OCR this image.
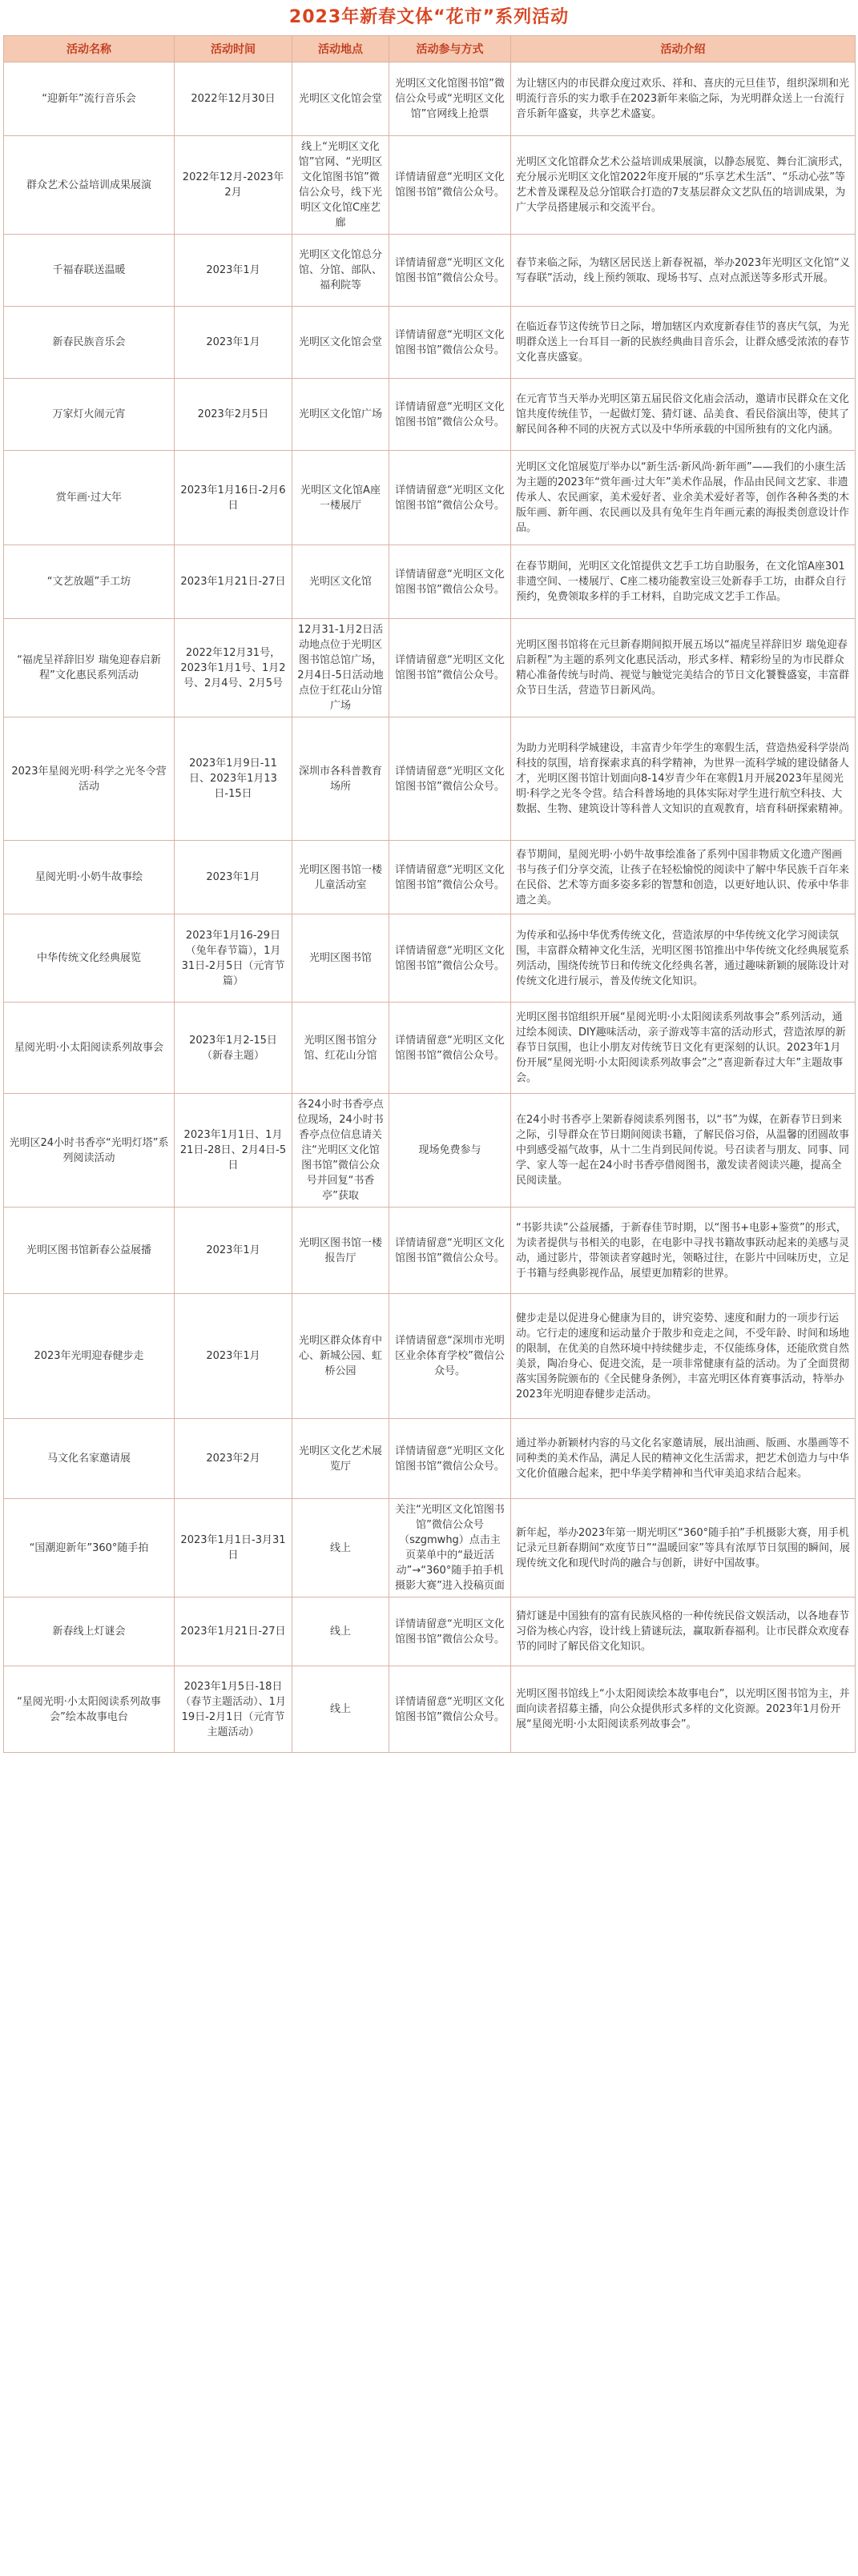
2023年新春文体“花市”系列活动
活动名称	活动时间	活动地点	活动参与方式	活动介绍
“迎新年”流行音乐会	2022年12月30日	光明区文化馆会堂	光明区文化馆图书馆”微信公众号或“光明区文化馆”官网线上抢票	为让辖区内的市民群众度过欢乐、祥和、喜庆的元旦佳节，组织深圳和光明流行音乐的实力歌手在2023新年来临之际，为光明群众送上一台流行音乐新年盛宴，共享艺术盛宴。
群众艺术公益培训成果展演	2022年12月-2023年2月	线上“光明区文化馆”官网、“光明区文化馆图书馆”微信公众号，线下光明区文化馆C座艺廊	详情请留意“光明区文化馆图书馆”微信公众号。	光明区文化馆群众艺术公益培训成果展演，以静态展览、舞台汇演形式，充分展示光明区文化馆2022年度开展的“乐享艺术生活”、“乐动心弦”等艺术普及课程及总分馆联合打造的7支基层群众文艺队伍的培训成果，为广大学员搭建展示和交流平台。
千福春联送温暖	2023年1月	光明区文化馆总分馆、分馆、部队、福利院等	详情请留意“光明区文化馆图书馆”微信公众号。	春节来临之际，为辖区居民送上新春祝福，举办2023年光明区文化馆“义写春联”活动，线上预约领取、现场书写、点对点派送等多形式开展。
新春民族音乐会	2023年1月	光明区文化馆会堂	详情请留意“光明区文化馆图书馆”微信公众号。	在临近春节这传统节日之际，增加辖区内欢度新春佳节的喜庆气氛，为光明群众送上一台耳目一新的民族经典曲目音乐会，让群众感受浓浓的春节文化喜庆盛宴。
万家灯火闹元宵	2023年2月5日	光明区文化馆广场	详情请留意“光明区文化馆图书馆”微信公众号。	在元宵节当天举办光明区第五届民俗文化庙会活动，邀请市民群众在文化馆共度传统佳节，一起做灯笼、猜灯谜、品美食、看民俗演出等，使其了解民间各种不同的庆祝方式以及中华所承载的中国所独有的文化内涵。
赏年画·过大年	2023年1月16日-2月6日	光明区文化馆A座一楼展厅	详情请留意“光明区文化馆图书馆”微信公众号。	光明区文化馆展览厅举办以“新生活·新风尚·新年画”——我们的小康生活为主题的2023年“赏年画·过大年”美术作品展，作品由民间文艺家、非遗传承人、农民画家，美术爱好者、业余美术爱好者等，创作各种各类的木版年画、新年画、农民画以及具有兔年生肖年画元素的海报类创意设计作品。
“文艺放题”手工坊	2023年1月21日-27日	光明区文化馆	详情请留意“光明区文化馆图书馆”微信公众号。	在春节期间，光明区文化馆提供文艺手工坊自助服务，在文化馆A座301非遗空间、一楼展厅、C座二楼功能教室设三处新春手工坊，由群众自行预约，免费领取多样的手工材料，自助完成文艺手工作品。
“福虎呈祥辞旧岁 瑞兔迎春启新程”文化惠民系列活动	2022年12月31号，2023年1月1号、1月2号、2月4号、2月5号	12月31-1月2日活动地点位于光明区图书馆总馆广场，2月4日-5日活动地点位于红花山分馆广场	详情请留意“光明区文化馆图书馆”微信公众号。	光明区图书馆将在元旦新春期间拟开展五场以“福虎呈祥辞旧岁 瑞兔迎春启新程”为主题的系列文化惠民活动，形式多样、精彩纷呈的为市民群众精心准备传统与时尚、视觉与触觉完美结合的节日文化饕餮盛宴，丰富群众节日生活，营造节日新风尚。
2023年星阅光明·科学之光冬令营活动	2023年1月9日-11日、2023年1月13日-15日	深圳市各科普教育场所	详情请留意“光明区文化馆图书馆”微信公众号。	为助力光明科学城建设，丰富青少年学生的寒假生活，营造热爱科学崇尚科技的氛围，培育探索求真的科学精神，为世界一流科学城的建设储备人才，光明区图书馆计划面向8-14岁青少年在寒假1月开展2023年星阅光明·科学之光冬令营。结合科普场地的具体实际对学生进行航空科技、大数据、生物、建筑设计等科普人文知识的直观教育，培育科研探索精神。
星阅光明·小奶牛故事绘	2023年1月	光明区图书馆一楼儿童活动室	详情请留意“光明区文化馆图书馆”微信公众号。	春节期间，星阅光明·小奶牛故事绘准备了系列中国非物质文化遗产图画书与孩子们分享交流，让孩子在轻松愉悦的阅读中了解中华民族千百年来在民俗、艺术等方面多姿多彩的智慧和创造，以更好地认识、传承中华非遗之美。
中华传统文化经典展览	2023年1月16-29日（兔年春节篇），1月31日-2月5日（元宵节篇）	光明区图书馆	详情请留意“光明区文化馆图书馆”微信公众号。	为传承和弘扬中华优秀传统文化，营造浓厚的中华传统文化学习阅读氛围，丰富群众精神文化生活，光明区图书馆推出中华传统文化经典展览系列活动，围绕传统节日和传统文化经典名著，通过趣味新颖的展陈设计对传统文化进行展示，普及传统文化知识。
星阅光明·小太阳阅读系列故事会	2023年1月2-15日（新春主题）	光明区图书馆分馆、红花山分馆	详情请留意“光明区文化馆图书馆”微信公众号。	光明区图书馆组织开展“星阅光明·小太阳阅读系列故事会”系列活动，通过绘本阅读、DIY趣味活动，亲子游戏等丰富的活动形式，营造浓厚的新春节日氛围，也让小朋友对传统节日文化有更深刻的认识。2023年1月份开展“星阅光明·小太阳阅读系列故事会”之“喜迎新春过大年”主题故事会。
光明区24小时书香亭“光明灯塔”系列阅读活动	2023年1月1日、1月21日-28日、2月4日-5日	各24小时书香亭点位现场，24小时书香亭点位信息请关注“光明区文化馆图书馆”微信公众号并回复“书香亭”获取	现场免费参与	在24小时书香亭上架新春阅读系列图书，以“书”为媒，在新春节日到来之际，引导群众在节日期间阅读书籍，了解民俗习俗，从温馨的团圆故事中到感受福气故事，从十二生肖到民间传说。号召读者与朋友、同事、同学、家人等一起在24小时书香亭借阅图书，激发读者阅读兴趣，提高全民阅读量。
光明区图书馆新春公益展播	2023年1月	光明区图书馆一楼报告厅	详情请留意“光明区文化馆图书馆”微信公众号。	“书影共读”公益展播，于新春佳节时期，以“图书+电影+鉴赏”的形式，为读者提供与书相关的电影，在电影中寻找书籍故事跃动起来的美感与灵动，通过影片，带领读者穿越时光，领略过往，在影片中回味历史，立足于书籍与经典影视作品，展望更加精彩的世界。
2023年光明迎春健步走	2023年1月	光明区群众体育中心、新城公园、虹桥公园	详情请留意“深圳市光明区业余体育学校”微信公众号。	健步走是以促进身心健康为目的，讲究姿势、速度和耐力的一项步行运动。它行走的速度和运动量介于散步和竞走之间，不受年龄、时间和场地的限制，在优美的自然环境中持续健步走，不仅能练身体，还能欣赏自然美景，陶冶身心、促进交流，是一项非常健康有益的活动。为了全面贯彻落实国务院颁布的《全民健身条例》，丰富光明区体育赛事活动，特举办2023年光明迎春健步走活动。
马文化名家邀请展	2023年2月	光明区文化艺术展览厅	详情请留意“光明区文化馆图书馆”微信公众号。	通过举办新颖材内容的马文化名家邀请展，展出油画、版画、水墨画等不同种类的美术作品，满足人民的精神文化生活需求，把艺术创造力与中华文化价值融合起来，把中华美学精神和当代审美追求结合起来。
“国潮迎新年”360°随手拍	2023年1月1日-3月31日	线上	关注“光明区文化馆图书馆”微信公众号（szgmwhg）点击主页菜单中的“最近活动”→“360°随手拍手机摄影大赛”进入投稿页面	新年起，举办2023年第一期光明区“360°随手拍”手机摄影大赛，用手机记录元旦新春期间“欢度节日”“温暖回家”等具有浓厚节日氛围的瞬间，展现传统文化和现代时尚的融合与创新，讲好中国故事。
新春线上灯谜会	2023年1月21日-27日	线上	详情请留意“光明区文化馆图书馆”微信公众号。	猜灯谜是中国独有的富有民族风格的一种传统民俗文娱活动，以各地春节习俗为核心内容，设计线上猜谜玩法，赢取新春福利。让市民群众欢度春节的同时了解民俗文化知识。
“星阅光明·小太阳阅读系列故事会”绘本故事电台	2023年1月5日-18日（春节主题活动）、1月19日-2月1日（元宵节主题活动）	线上	详情请留意“光明区文化馆图书馆”微信公众号。	光明区图书馆线上“小太阳阅读绘本故事电台”，以光明区图书馆为主，并面向读者招募主播，向公众提供形式多样的文化资源。2023年1月份开展“星阅光明·小太阳阅读系列故事会”。
